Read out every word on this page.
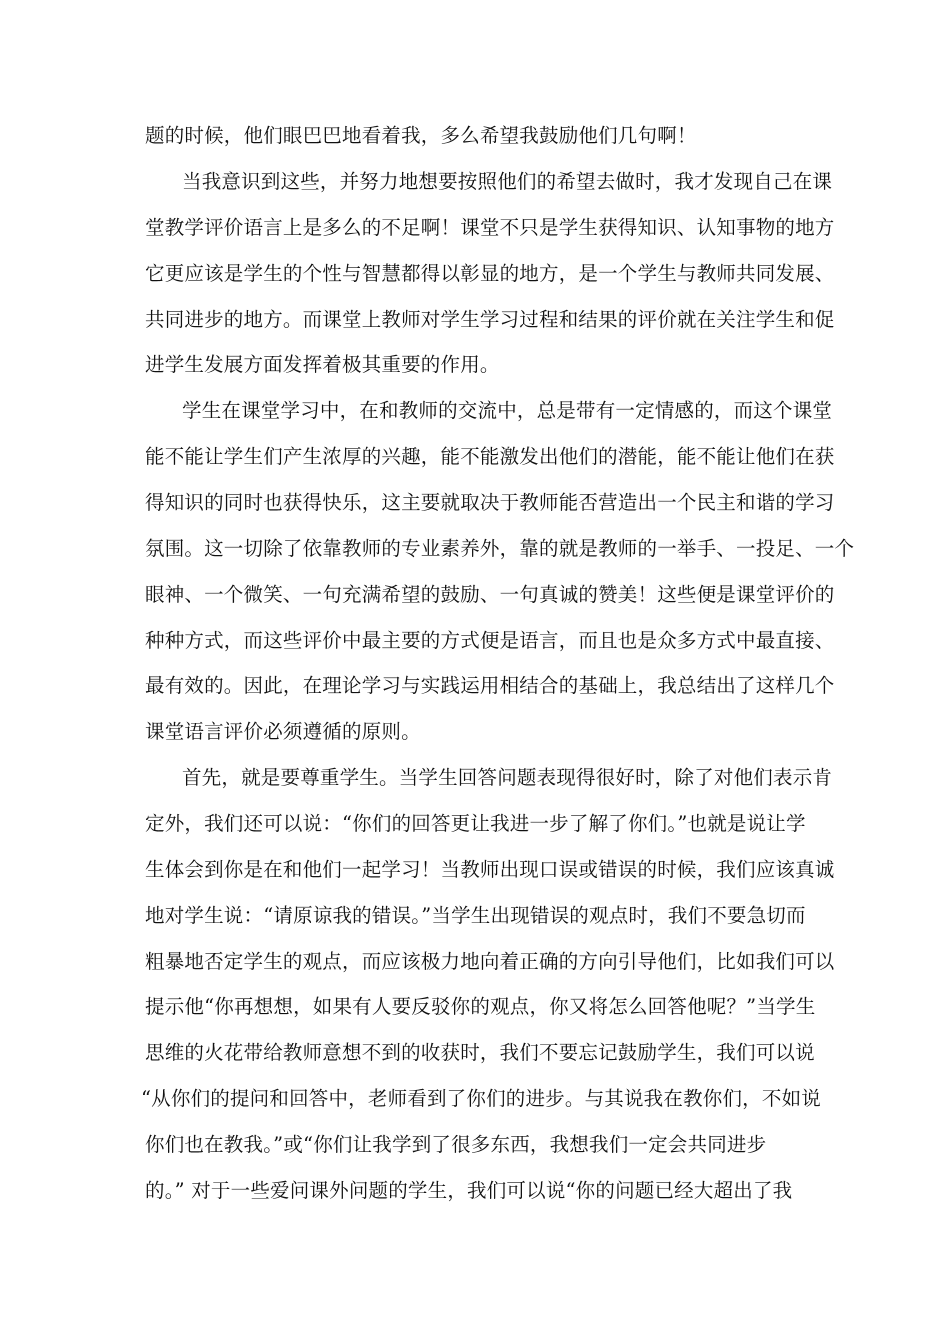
题的时候，他们眼巴巴地看着我，多么希望我鼓励他们几句啊！
当我意识到这些，并努力地想要按照他们的希望去做时，我才发现自己在课
堂教学评价语言上是多么的不足啊！课堂不只是学生获得知识、认知事物的地方
它更应该是学生的个性与智慧都得以彰显的地方，是一个学生与教师共同发展、
共同进步的地方。而课堂上教师对学生学习过程和结果的评价就在关注学生和促
进学生发展方面发挥着极其重要的作用。
学生在课堂学习中，在和教师的交流中，总是带有一定情感的，而这个课堂
能不能让学生们产生浓厚的兴趣，能不能激发出他们的潜能，能不能让他们在获
得知识的同时也获得快乐，这主要就取决于教师能否营造出一个民主和谐的学习
氛围。这一切除了依靠教师的专业素养外，靠的就是教师的一举手、一投足、一个
眼神、一个微笑、一句充满希望的鼓励、一句真诚的赞美！这些便是课堂评价的
种种方式，而这些评价中最主要的方式便是语言，而且也是众多方式中最直接、
最有效的。因此，在理论学习与实践运用相结合的基础上，我总结出了这样几个
课堂语言评价必须遵循的原则。
首先，就是要尊重学生。当学生回答问题表现得很好时，除了对他们表示肯
定外，我们还可以说：“你们的回答更让我进一步了解了你们。”也就是说让学
生体会到你是在和他们一起学习！当教师出现口误或错误的时候，我们应该真诚
地对学生说：“请原谅我的错误。”当学生出现错误的观点时，我们不要急切而
粗暴地否定学生的观点，而应该极力地向着正确的方向引导他们，比如我们可以
提示他“你再想想，如果有人要反驳你的观点，你又将怎么回答他呢？”当学生
思维的火花带给教师意想不到的收获时，我们不要忘记鼓励学生，我们可以说
“从你们的提问和回答中，老师看到了你们的进步。与其说我在教你们，不如说
你们也在教我。”或“你们让我学到了很多东西，我想我们一定会共同进步
的。” 对于一些爱问课外问题的学生，我们可以说“你的问题已经大超出了我
